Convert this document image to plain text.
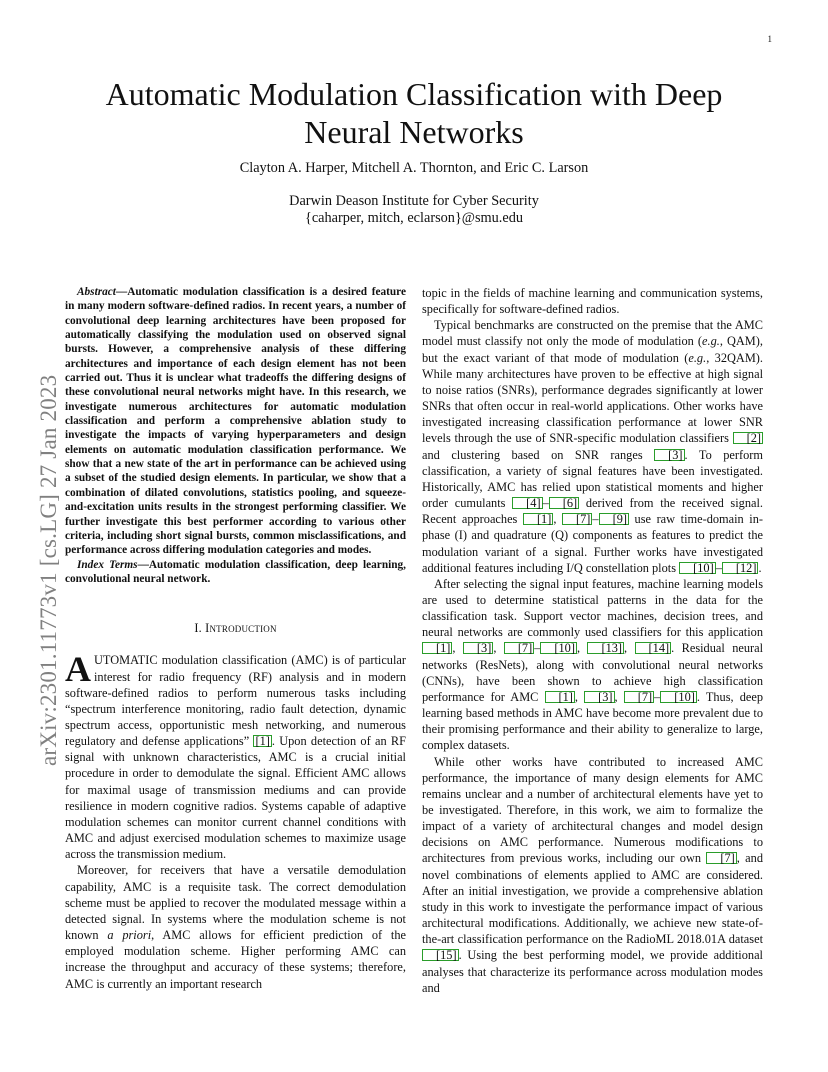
1
arXiv:2301.11773v1 [cs.LG] 27 Jan 2023
Automatic Modulation Classification with Deep Neural Networks
Clayton A. Harper, Mitchell A. Thornton, and Eric C. Larson
Darwin Deason Institute for Cyber Security
{caharper, mitch, eclarson}@smu.edu

Abstract—Automatic modulation classification is a desired feature in many modern software-defined radios. In recent years, a number of convolutional deep learning architectures have been proposed for automatically classifying the modulation used on observed signal bursts. However, a comprehensive analysis of these differing architectures and importance of each design element has not been carried out. Thus it is unclear what tradeoffs the differing designs of these convolutional neural networks might have. In this research, we investigate numerous architectures for automatic modulation classification and perform a comprehensive ablation study to investigate the impacts of varying hyperparameters and design elements on automatic modulation classification performance. We show that a new state of the art in performance can be achieved using a subset of the studied design elements. In particular, we show that a combination of dilated convolutions, statistics pooling, and squeeze-and-excitation units results in the strongest performing classifier. We further investigate this best performer according to various other criteria, including short signal bursts, common misclassifications, and performance across differing modulation categories and modes.

Index Terms—Automatic modulation classification, deep learning, convolutional neural network.

I. Introduction

AUTOMATIC modulation classification (AMC) is of particular interest for radio frequency (RF) analysis and in modern software-defined radios to perform numerous tasks including “spectrum interference monitoring, radio fault detection, dynamic spectrum access, opportunistic mesh networking, and numerous regulatory and defense applications” [1] . Upon detection of an RF signal with unknown characteristics, AMC is a crucial initial procedure in order to demodulate the signal. Efficient AMC allows for maximal usage of transmission mediums and can provide resilience in modern cognitive radios. Systems capable of adaptive modulation schemes can monitor current channel conditions with AMC and adjust exercised modulation schemes to maximize usage across the transmission medium.

Moreover, for receivers that have a versatile demodulation capability, AMC is a requisite task. The correct demodulation scheme must be applied to recover the modulated message within a detected signal. In systems where the modulation scheme is not known a priori, AMC allows for efficient prediction of the employed modulation scheme. Higher performing AMC can increase the throughput and accuracy of these systems; therefore, AMC is currently an important research

topic in the fields of machine learning and communication systems, specifically for software-defined radios.

Typical benchmarks are constructed on the premise that the AMC model must classify not only the mode of modulation (e.g., QAM), but the exact variant of that mode of modulation (e.g., 32QAM). While many architectures have proven to be effective at high signal to noise ratios (SNRs), performance degrades significantly at lower SNRs that often occur in real-world applications. Other works have investigated increasing classification performance at lower SNR levels through the use of SNR-specific modulation classifiers [2] and clustering based on SNR ranges [3] . To perform classification, a variety of signal features have been investigated. Historically, AMC has relied upon statistical moments and higher order cumulants [4] – [6] derived from the received signal. Recent approaches [1] , [7] – [9] use raw time-domain in-phase (I) and quadrature (Q) components as features to predict the modulation variant of a signal. Further works have investigated additional features including I/Q constellation plots [10] – [12] .

After selecting the signal input features, machine learning models are used to determine statistical patterns in the data for the classification task. Support vector machines, decision trees, and neural networks are commonly used classifiers for this application [1] , [3] , [7] – [10] , [13] , [14] . Residual neural networks (ResNets), along with convolutional neural networks (CNNs), have been shown to achieve high classification performance for AMC [1] , [3] , [7] – [10] . Thus, deep learning based methods in AMC have become more prevalent due to their promising performance and their ability to generalize to large, complex datasets.

While other works have contributed to increased AMC performance, the importance of many design elements for AMC remains unclear and a number of architectural elements have yet to be investigated. Therefore, in this work, we aim to formalize the impact of a variety of architectural changes and model design decisions on AMC performance. Numerous modifications to architectures from previous works, including our own [7] , and novel combinations of elements applied to AMC are considered. After an initial investigation, we provide a comprehensive ablation study in this work to investigate the performance impact of various architectural modifications. Additionally, we achieve new state-of-the-art classification performance on the RadioML 2018.01A dataset [15] . Using the best performing model, we provide additional analyses that characterize its performance across modulation modes and
